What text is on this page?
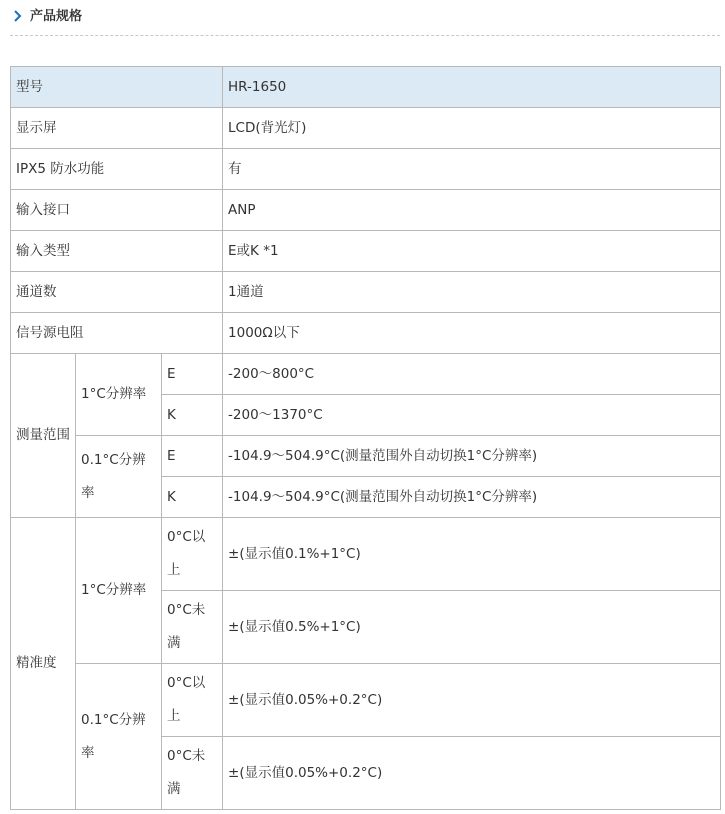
产品规格
型号			HR-1650
显示屏			LCD(背光灯)
IPX5 防水功能			有
输入接口			ANP
输入类型			E或K *1
通道数			1通道
信号源电阻			1000Ω以下
测量范围	1°C分辨率	E	-200～800°C
		K	-200～1370°C
	0.1°C分辨率	E	-104.9～504.9°C(测量范围外自动切换1°C分辨率)
		K	-104.9～504.9°C(测量范围外自动切换1°C分辨率)
精准度	1°C分辨率	0°C以上	±(显示值0.1%+1°C)
		0°C未满	±(显示值0.5%+1°C)
	0.1°C分辨率	0°C以上	±(显示值0.05%+0.2°C)
		0°C未满	±(显示值0.05%+0.2°C)
